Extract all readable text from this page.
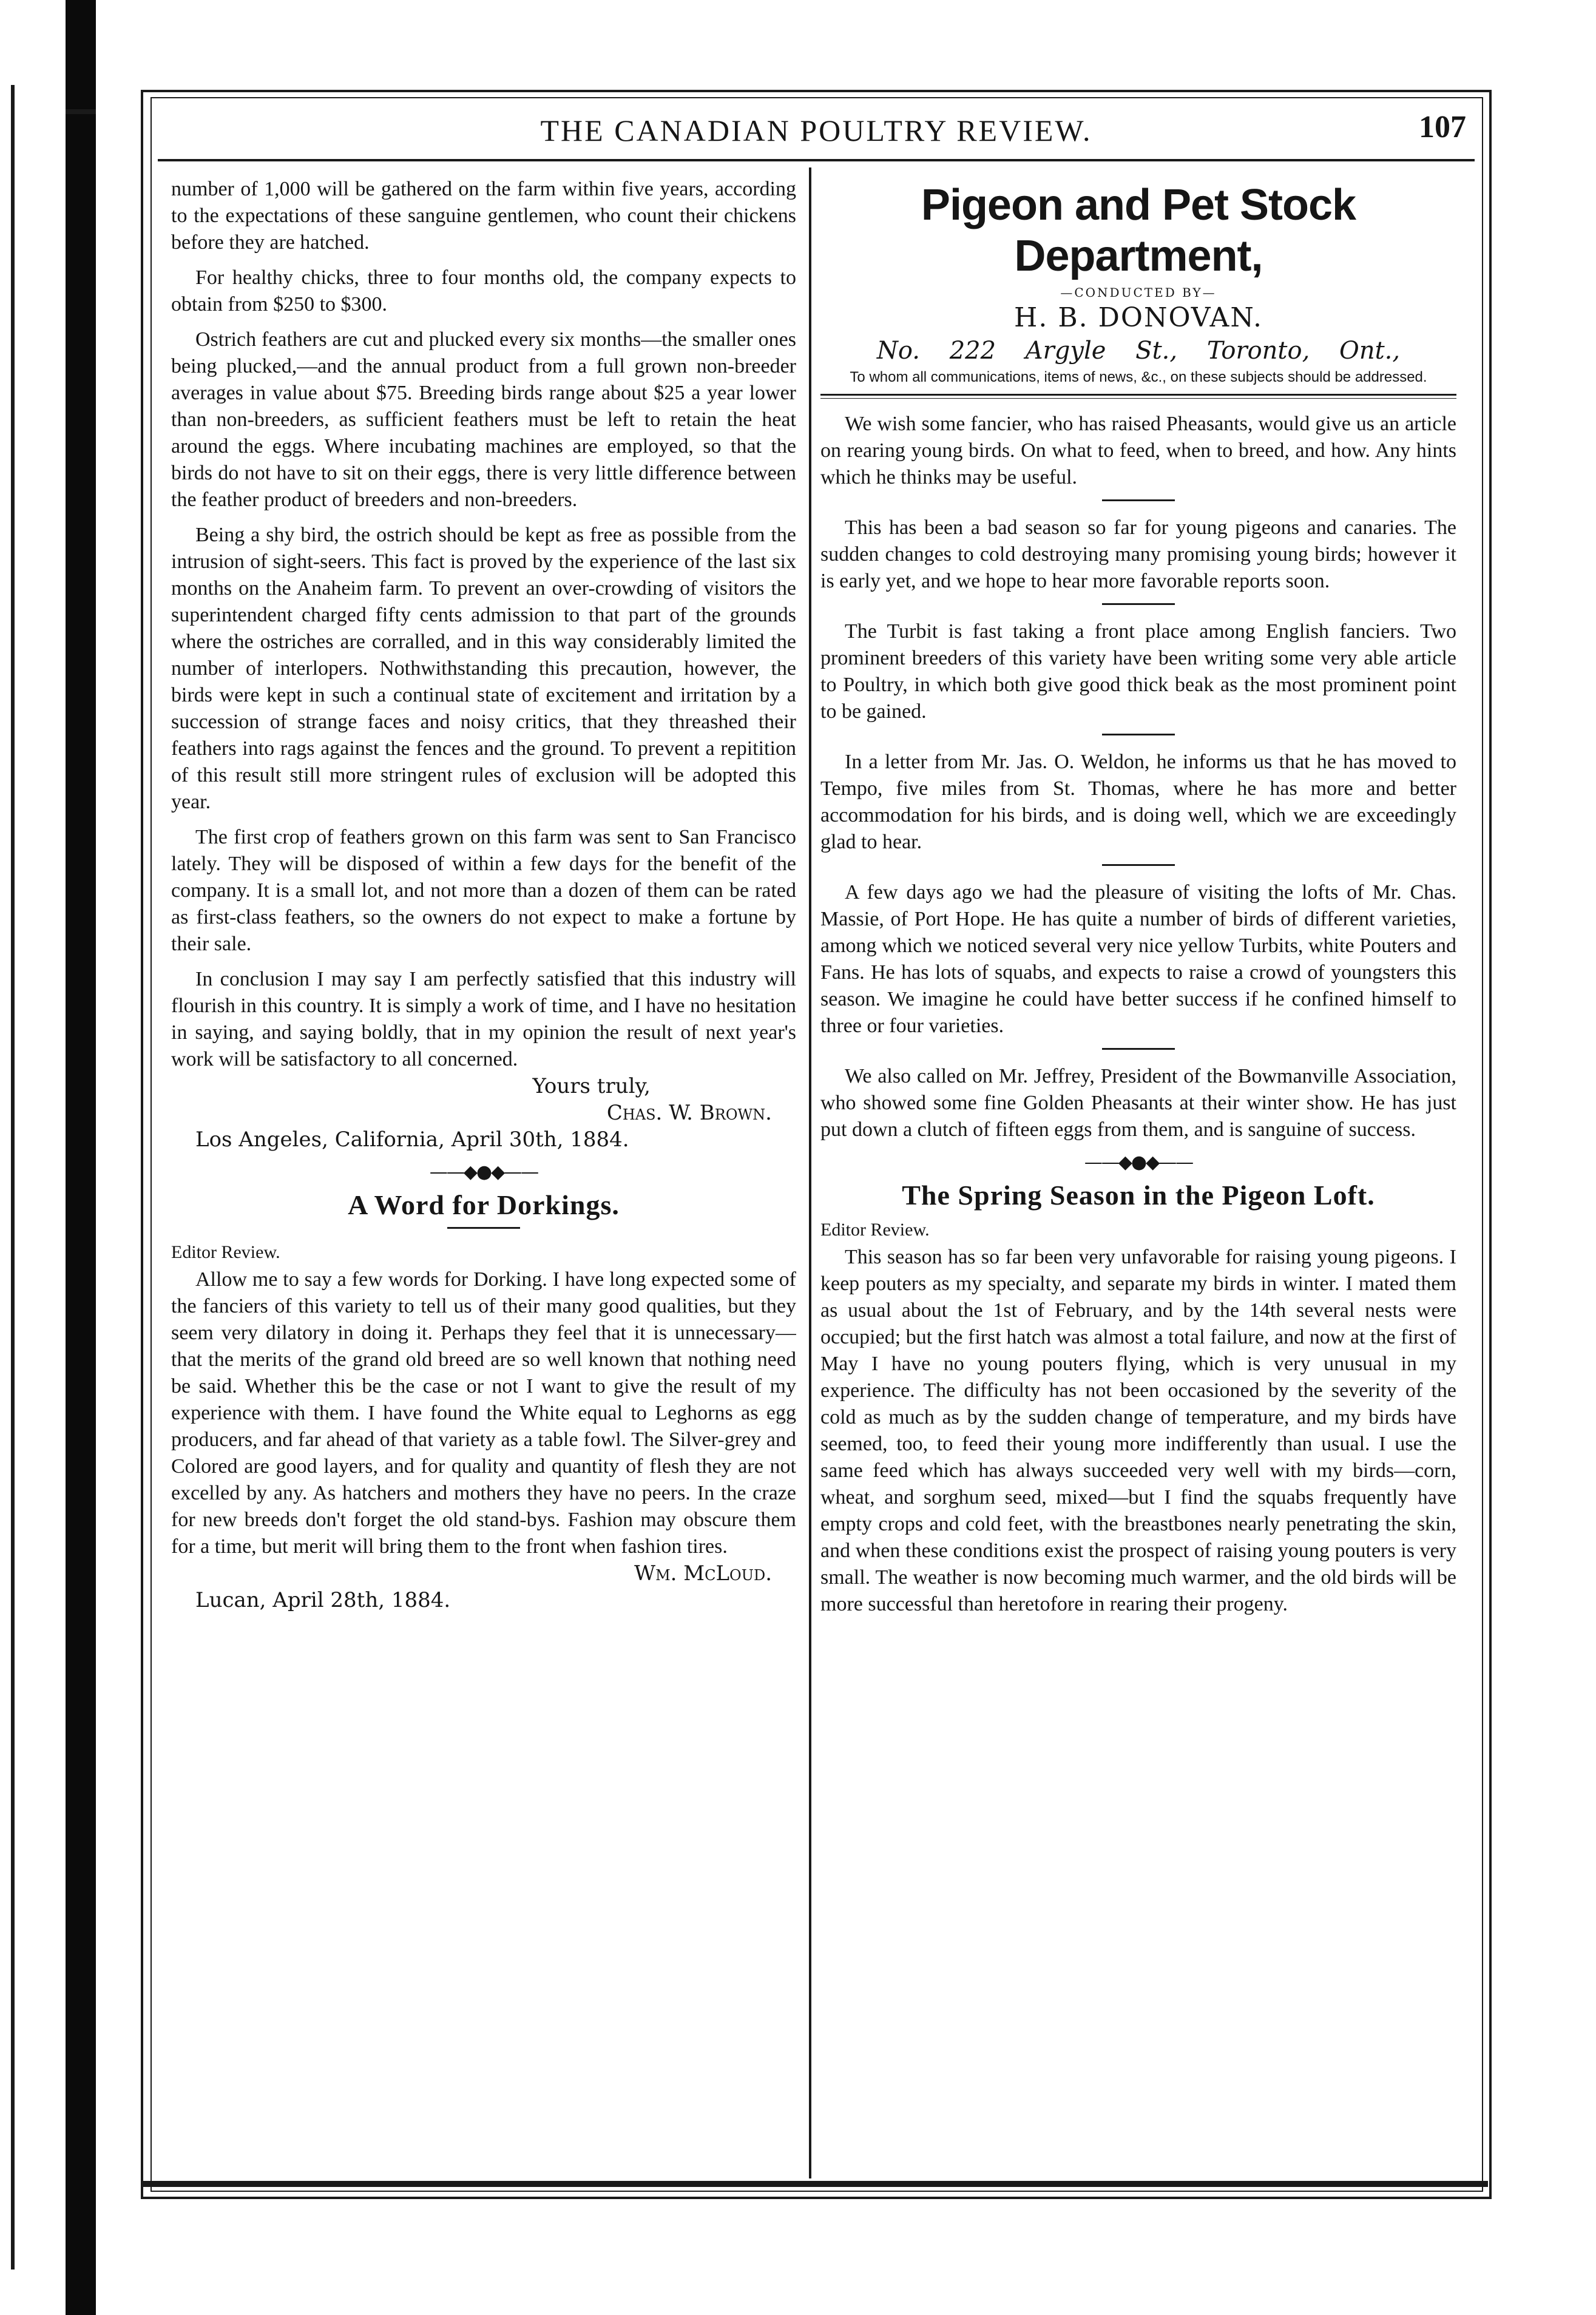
THE CANADIAN POULTRY REVIEW.	107

number of 1,000 will be gathered on the farm within five years, according to the expectations of these sanguine gentlemen, who count their chickens before they are hatched.

For healthy chicks, three to four months old, the company expects to obtain from $250 to $300.

Ostrich feathers are cut and plucked every six months—the smaller ones being plucked,—and the annual product from a full grown non-breeder averages in value about $75. Breeding birds range about $25 a year lower than non-breeders, as sufficient feathers must be left to retain the heat around the eggs. Where incubating machines are employed, so that the birds do not have to sit on their eggs, there is very little difference between the feather product of breeders and non-breeders.

Being a shy bird, the ostrich should be kept as free as possible from the intrusion of sight-seers. This fact is proved by the experience of the last six months on the Anaheim farm. To prevent an over-crowding of visitors the superintendent charged fifty cents admission to that part of the grounds where the ostriches are corralled, and in this way considerably limited the number of interlopers. Nothwithstanding this precaution, however, the birds were kept in such a continual state of excitement and irritation by a succession of strange faces and noisy critics, that they threashed their feathers into rags against the fences and the ground. To prevent a repitition of this result still more stringent rules of exclusion will be adopted this year.

The first crop of feathers grown on this farm was sent to San Francisco lately. They will be disposed of within a few days for the benefit of the company. It is a small lot, and not more than a dozen of them can be rated as first-class feathers, so the owners do not expect to make a fortune by their sale.

In conclusion I may say I am perfectly satisfied that this industry will flourish in this country. It is simply a work of time, and I have no hesitation in saying, and saying boldly, that in my opinion the result of next year's work will be satisfactory to all concerned.

Yours truly,
Chas. W. Brown.
Los Angeles, California, April 30th, 1884.
——◆●◆——
A Word for Dorkings.
Editor Review.

Allow me to say a few words for Dorking. I have long expected some of the fanciers of this variety to tell us of their many good qualities, but they seem very dilatory in doing it. Perhaps they feel that it is unnecessary—that the merits of the grand old breed are so well known that nothing need be said. Whether this be the case or not I want to give the result of my experience with them. I have found the White equal to Leghorns as egg producers, and far ahead of that variety as a table fowl. The Silver-grey and Colored are good layers, and for quality and quantity of flesh they are not excelled by any. As hatchers and mothers they have no peers. In the craze for new breeds don't forget the old stand-bys. Fashion may obscure them for a time, but merit will bring them to the front when fashion tires.

Wm. McLoud.
Lucan, April 28th, 1884.
Pigeon and Pet Stock Department,
—CONDUCTED BY—
H. B. DONOVAN.
No. 222 Argyle St., Toronto, Ont.,
To whom all communications, items of news, &c., on these subjects should be addressed.

We wish some fancier, who has raised Pheasants, would give us an article on rearing young birds. On what to feed, when to breed, and how. Any hints which he thinks may be useful.

This has been a bad season so far for young pigeons and canaries. The sudden changes to cold destroying many promising young birds; however it is early yet, and we hope to hear more favorable reports soon.

The Turbit is fast taking a front place among English fanciers. Two prominent breeders of this variety have been writing some very able article to Poultry, in which both give good thick beak as the most prominent point to be gained.

In a letter from Mr. Jas. O. Weldon, he informs us that he has moved to Tempo, five miles from St. Thomas, where he has more and better accommodation for his birds, and is doing well, which we are exceedingly glad to hear.

A few days ago we had the pleasure of visiting the lofts of Mr. Chas. Massie, of Port Hope. He has quite a number of birds of different varieties, among which we noticed several very nice yellow Turbits, white Pouters and Fans. He has lots of squabs, and expects to raise a crowd of youngsters this season. We imagine he could have better success if he confined himself to three or four varieties.

We also called on Mr. Jeffrey, President of the Bowmanville Association, who showed some fine Golden Pheasants at their winter show. He has just put down a clutch of fifteen eggs from them, and is sanguine of success.

——◆●◆——
The Spring Season in the Pigeon Loft.
Editor Review.

This season has so far been very unfavorable for raising young pigeons. I keep pouters as my specialty, and separate my birds in winter. I mated them as usual about the 1st of February, and by the 14th several nests were occupied; but the first hatch was almost a total failure, and now at the first of May I have no young pouters flying, which is very unusual in my experience. The difficulty has not been occasioned by the severity of the cold as much as by the sudden change of temperature, and my birds have seemed, too, to feed their young more indifferently than usual. I use the same feed which has always succeeded very well with my birds—corn, wheat, and sorghum seed, mixed—but I find the squabs frequently have empty crops and cold feet, with the breastbones nearly penetrating the skin, and when these conditions exist the prospect of raising young pouters is very small. The weather is now becoming much warmer, and the old birds will be more successful than heretofore in rearing their progeny.
